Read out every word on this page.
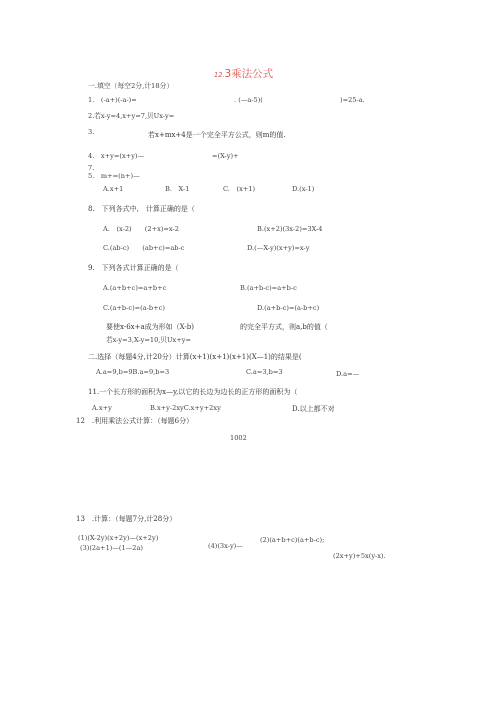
12.3乘法公式
一.填空（每空2分,计18分）
1.　(-a+)(-a-)=	. (—a-5)(	)=25-a.
2.若x-y=4,x+y=7,贝Ux-y=
3.	若x+mx+4是一个完全平方公式，则m的值.
4.　x+y=(x+y)—	=(X-y)+
7.
5.　m+=(n+)—
A.x+1	B.　X-1	C.　(x+1)	D.(x-1)
8.　下列各式中,　计算正确的是（
A.　(x-2)　　(2+x)=x-2	B.(x+2)(3x-2)=3X-4
C.(ab-c)　　(ab+c)=ab-c	D.(—X-y)(x+y)=x-y
9.　下列各式计算正确的是（
A.(a+b+c)=a+b+c	B.(a+b-c)=a+b-c
C.(a+b-c)=(a-b+c)	D.(a+b-c)=(a-b+c)
要使x-6x+a成为形如（X-b)	的完全平方式，则a,b的值（
若x-y=3,X-y=10,贝Ux+y=
二.选择（每题4分,计20分）计算(x+1)(x+1)(x+1)(X—1)的结果是(
A.a=9,b=9B.a=9,b=3	C.a=3,b=3	D.a=—
11.一个长方形的面积为x—y,以它的长边为边长的正方形的面积为（
A.x+y	B.x+y-2xyC.x+y+2xy	D.以上都不对
12　.利用乘法公式计算：（每题6分）
1002
13　.计算：（每题7分,计28分）
(1)(X-2y)(x+2y)—(x+2y)	(2)(a+b+c)(a+b-c);
(3)(2a+1)—(1—2a)	(4)(3x-y)—
(2x+y)+5x(y-x).
